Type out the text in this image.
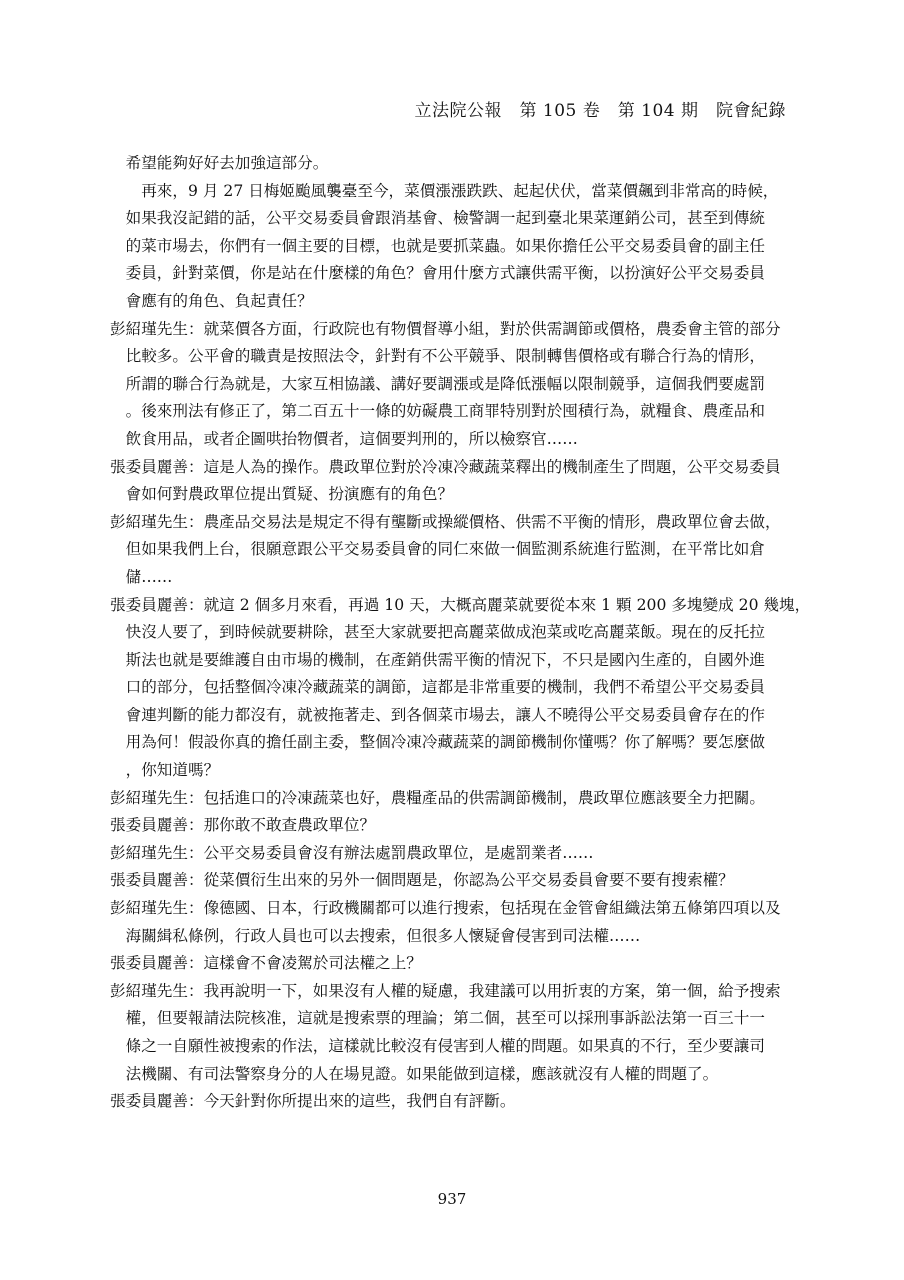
立法院公報　第 105 卷　第 104 期　院會紀錄
希望能夠好好去加強這部分。
再來，9 月 27 日梅姬颱風襲臺至今，菜價漲漲跌跌、起起伏伏，當菜價飆到非常高的時候，
如果我沒記錯的話，公平交易委員會跟消基會、檢警調一起到臺北果菜運銷公司，甚至到傳統
的菜市場去，你們有一個主要的目標，也就是要抓菜蟲。如果你擔任公平交易委員會的副主任
委員，針對菜價，你是站在什麼樣的角色？會用什麼方式讓供需平衡，以扮演好公平交易委員
會應有的角色、負起責任？
彭紹瑾先生：就菜價各方面，行政院也有物價督導小組，對於供需調節或價格，農委會主管的部分
比較多。公平會的職責是按照法令，針對有不公平競爭、限制轉售價格或有聯合行為的情形，
所謂的聯合行為就是，大家互相協議、講好要調漲或是降低漲幅以限制競爭，這個我們要處罰
。後來刑法有修正了，第二百五十一條的妨礙農工商罪特別對於囤積行為，就糧食、農產品和
飲食用品，或者企圖哄抬物價者，這個要判刑的，所以檢察官……
張委員麗善：這是人為的操作。農政單位對於冷凍冷藏蔬菜釋出的機制產生了問題，公平交易委員
會如何對農政單位提出質疑、扮演應有的角色？
彭紹瑾先生：農產品交易法是規定不得有壟斷或操縱價格、供需不平衡的情形，農政單位會去做，
但如果我們上台，很願意跟公平交易委員會的同仁來做一個監測系統進行監測，在平常比如倉
儲……
張委員麗善：就這 2 個多月來看，再過 10 天，大概高麗菜就要從本來 1 顆 200 多塊變成 20 幾塊，
快沒人要了，到時候就要耕除，甚至大家就要把高麗菜做成泡菜或吃高麗菜飯。現在的反托拉
斯法也就是要維護自由市場的機制，在產銷供需平衡的情況下，不只是國內生產的，自國外進
口的部分，包括整個冷凍冷藏蔬菜的調節，這都是非常重要的機制，我們不希望公平交易委員
會連判斷的能力都沒有，就被拖著走、到各個菜市場去，讓人不曉得公平交易委員會存在的作
用為何！假設你真的擔任副主委，整個冷凍冷藏蔬菜的調節機制你懂嗎？你了解嗎？要怎麼做
，你知道嗎？
彭紹瑾先生：包括進口的冷凍蔬菜也好，農糧產品的供需調節機制，農政單位應該要全力把關。
張委員麗善：那你敢不敢查農政單位？
彭紹瑾先生：公平交易委員會沒有辦法處罰農政單位，是處罰業者……
張委員麗善：從菜價衍生出來的另外一個問題是，你認為公平交易委員會要不要有搜索權？
彭紹瑾先生：像德國、日本，行政機關都可以進行搜索，包括現在金管會組織法第五條第四項以及
海關緝私條例，行政人員也可以去搜索，但很多人懷疑會侵害到司法權……
張委員麗善：這樣會不會凌駕於司法權之上？
彭紹瑾先生：我再說明一下，如果沒有人權的疑慮，我建議可以用折衷的方案，第一個，給予搜索
權，但要報請法院核准，這就是搜索票的理論；第二個，甚至可以採刑事訴訟法第一百三十一
條之一自願性被搜索的作法，這樣就比較沒有侵害到人權的問題。如果真的不行，至少要讓司
法機關、有司法警察身分的人在場見證。如果能做到這樣，應該就沒有人權的問題了。
張委員麗善：今天針對你所提出來的這些，我們自有評斷。
937
